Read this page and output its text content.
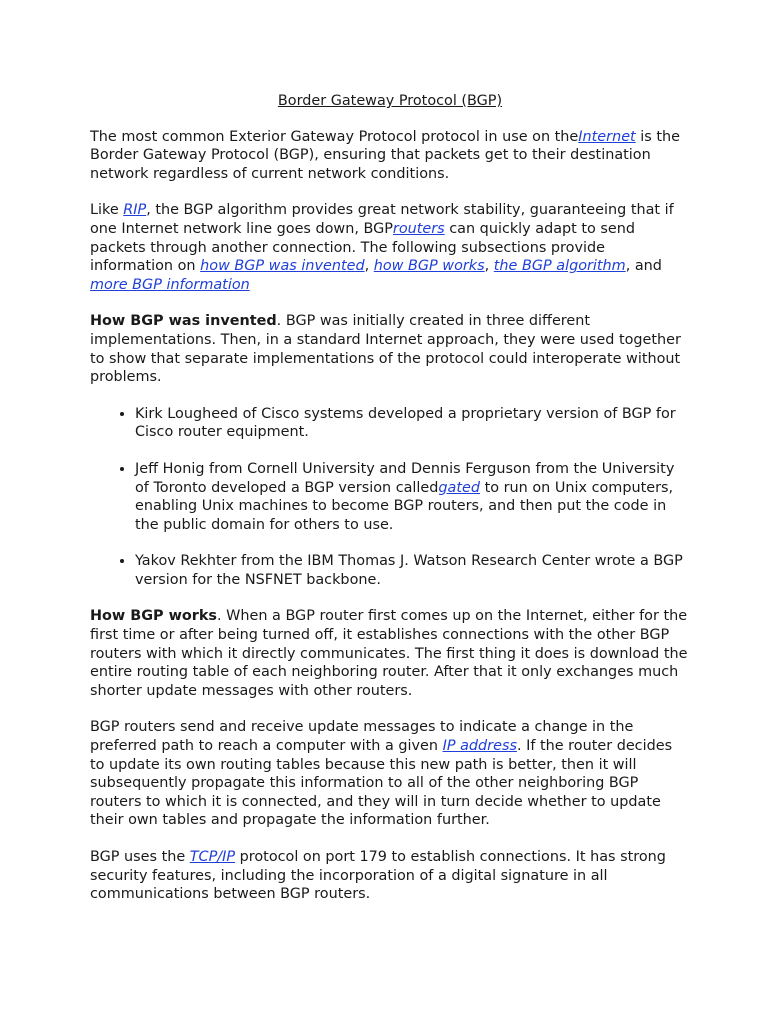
Border Gateway Protocol (BGP)

The most common Exterior Gateway Protocol protocol in use on theInternet is the Border Gateway Protocol (BGP), ensuring that packets get to their destination network regardless of current network conditions.

Like RIP, the BGP algorithm provides great network stability, guaranteeing that if one Internet network line goes down, BGProuters can quickly adapt to send packets through another connection. The following subsections provide information on how BGP was invented, how BGP works, the BGP algorithm, and more BGP information

How BGP was invented. BGP was initially created in three different implementations. Then, in a standard Internet approach, they were used together to show that separate implementations of the protocol could interoperate without problems.

• Kirk Lougheed of Cisco systems developed a proprietary version of BGP for Cisco router equipment.
• Jeff Honig from Cornell University and Dennis Ferguson from the University of Toronto developed a BGP version calledgated to run on Unix computers, enabling Unix machines to become BGP routers, and then put the code in the public domain for others to use.
• Yakov Rekhter from the IBM Thomas J. Watson Research Center wrote a BGP version for the NSFNET backbone.

How BGP works. When a BGP router first comes up on the Internet, either for the first time or after being turned off, it establishes connections with the other BGP routers with which it directly communicates. The first thing it does is download the entire routing table of each neighboring router. After that it only exchanges much shorter update messages with other routers.

BGP routers send and receive update messages to indicate a change in the preferred path to reach a computer with a given IP address. If the router decides to update its own routing tables because this new path is better, then it will subsequently propagate this information to all of the other neighboring BGP routers to which it is connected, and they will in turn decide whether to update their own tables and propagate the information further.

BGP uses the TCP/IP protocol on port 179 to establish connections. It has strong security features, including the incorporation of a digital signature in all communications between BGP routers.
